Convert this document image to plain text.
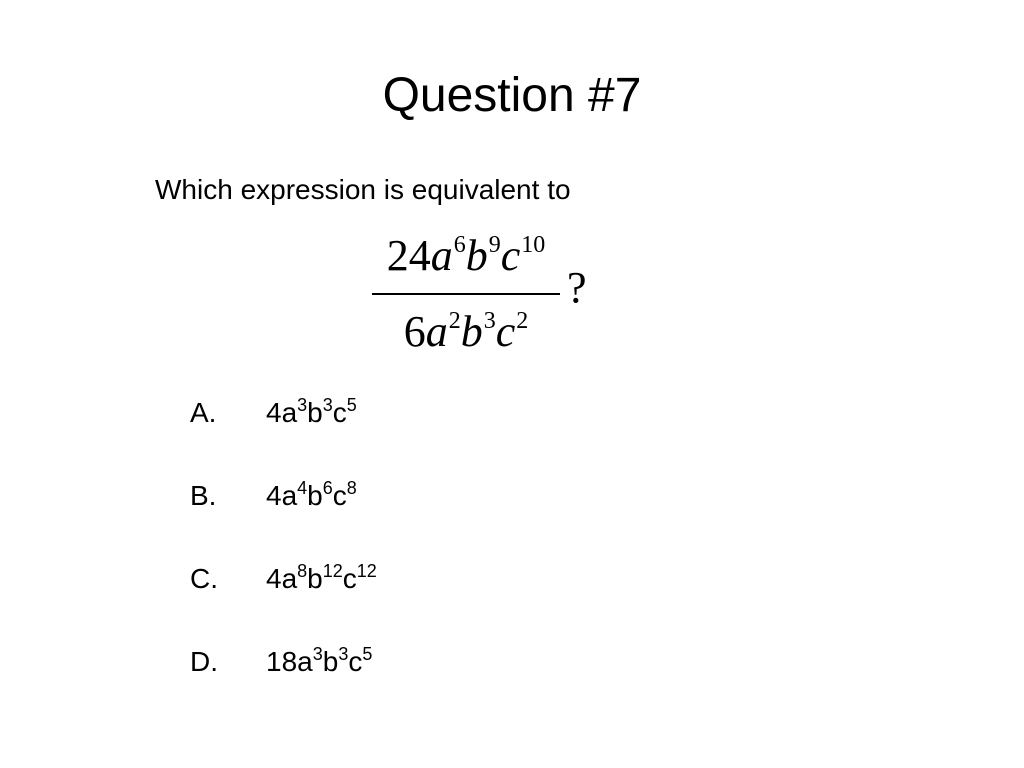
Question #7
Which expression is equivalent to
24 a 6 b 9 c 10
6 a 2 b 3 c 2
?
A. $4a^3b^3c^5$
B. $4a^4b^6c^8$
C. $4a^8b^{12}c^{12}$
D. $18a^3b^3c^5$
